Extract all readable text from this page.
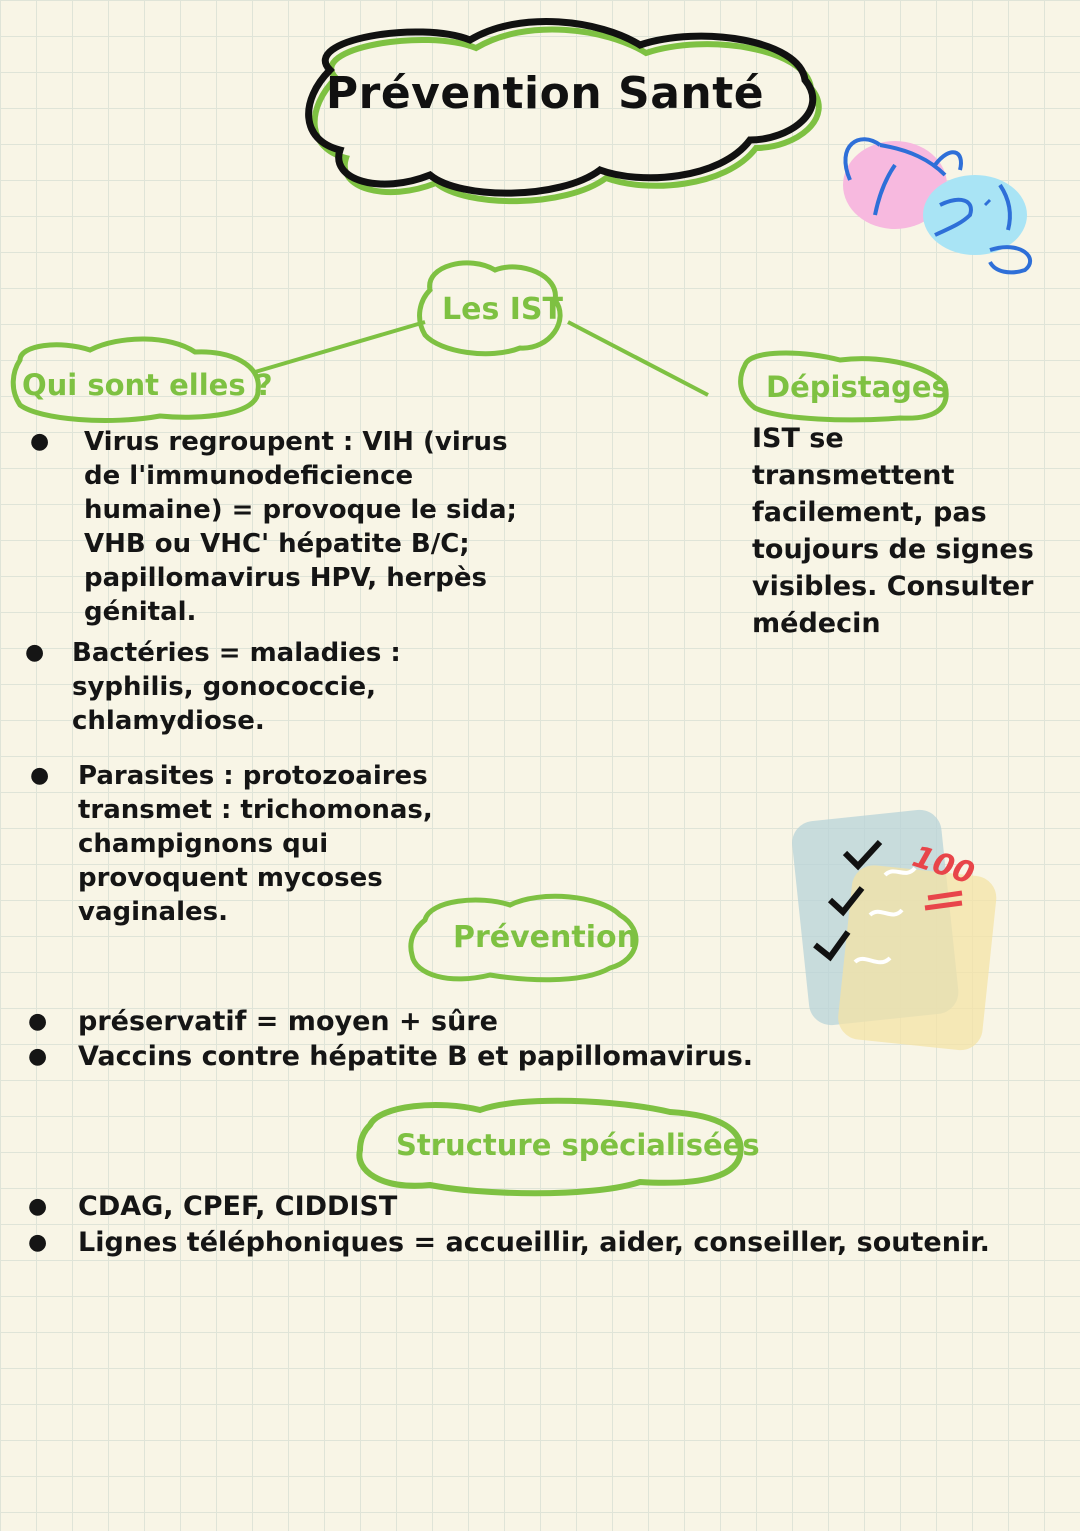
Prévention Santé
Les IST
Qui sont elles ?	Dépistages
IST se transmettent facilement, pas toujours de signes visibles. Consulter médecin
● Virus regroupent : VIH (virus de l'immunodeficience humaine) = provoque le sida; VHB ou VHC' hépatite B/C; papillomavirus HPV, herpès génital.
● Bactéries = maladies : syphilis, gonococcie, chlamydiose.
● Parasites : protozoaires transmet : trichomonas, champignons qui provoquent mycoses vaginales.
Prévention
● préservatif = moyen + sûre
● Vaccins contre hépatite B et papillomavirus.
Structure spécialisées
● CDAG, CPEF, CIDDIST
● Lignes téléphoniques = accueillir, aider, conseiller, soutenir.
100
